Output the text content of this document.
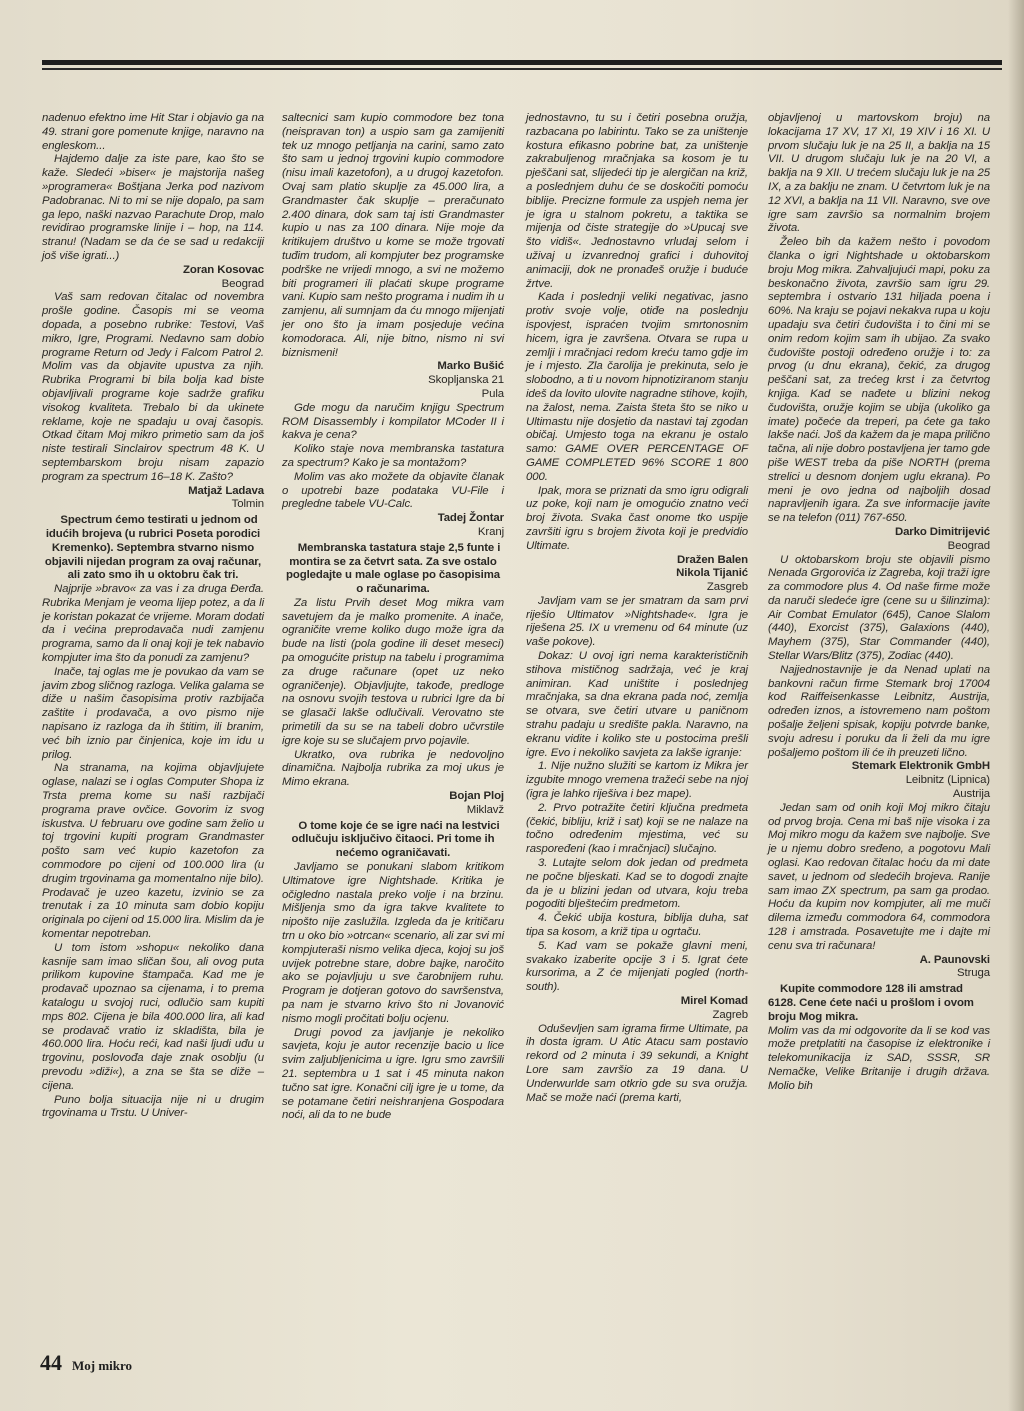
nadenuo efektno ime Hit Star i objavio ga na 49. strani gore pomenute knjige, naravno na engleskom...

Hajdemo dalje za iste pare, kao što se kaže. Sledeći »biser« je majstorija našeg »programera« Boštjana Jerka pod nazivom Padobranac. Ni to mi se nije dopalo, pa sam ga lepo, naški nazvao Parachute Drop, malo revidirao programske linije i – hop, na 114. stranu! (Nadam se da će se sad u redakciji još više igrati...)

Zoran Kosovac

Beograd

Vaš sam redovan čitalac od novembra prošle godine. Časopis mi se veoma dopada, a posebno rubrike: Testovi, Vaš mikro, Igre, Programi. Nedavno sam dobio programe Return od Jedy i Falcom Patrol 2. Molim vas da objavite upustva za njih. Rubrika Programi bi bila bolja kad biste objavljivali programe koje sadrže grafiku visokog kvaliteta. Trebalo bi da ukinete reklame, koje ne spadaju u ovaj časopis. Otkad čitam Moj mikro primetio sam da još niste testirali Sinclairov spectrum 48 K. U septembarskom broju nisam zapazio program za spectrum 16–18 K. Zašto?

Matjaž Ladava

Tolmin

Spectrum ćemo testirati u jednom od idućih brojeva (u rubrici Poseta porodici Kremenko). Septembra stvarno nismo objavili nijedan program za ovaj računar, ali zato smo ih u oktobru čak tri.

Najprije »bravo« za vas i za druga Đerđa. Rubrika Menjam je veoma lijep potez, a da li je koristan pokazat će vrijeme. Moram dodati da i većina preprodavača nudi zamjenu programa, samo da li onaj koji je tek nabavio kompjuter ima što da ponudi za zamjenu?

Inače, taj oglas me je povukao da vam se javim zbog sličnog razloga. Velika galama se diže u našim časopisima protiv razbijača zaštite i prodavača, a ovo pismo nije napisano iz razloga da ih štitim, ili branim, već bih iznio par činjenica, koje im idu u prilog.

Na stranama, na kojima objavljujete oglase, nalazi se i oglas Computer Shopa iz Trsta prema kome su naši razbijači programa prave ovčice. Govorim iz svog iskustva. U februaru ove godine sam želio u toj trgovini kupiti program Grandmaster pošto sam već kupio kazetofon za commodore po cijeni od 100.000 lira (u drugim trgovinama ga momentalno nije bilo). Prodavač je uzeo kazetu, izvinio se za trenutak i za 10 minuta sam dobio kopiju originala po cijeni od 15.000 lira. Mislim da je komentar nepotreban.

U tom istom »shopu« nekoliko dana kasnije sam imao sličan šou, ali ovog puta prilikom kupovine štampača. Kad me je prodavač upoznao sa cijenama, i to prema katalogu u svojoj ruci, odlučio sam kupiti mps 802. Cijena je bila 400.000 lira, ali kad se prodavač vratio iz skladišta, bila je 460.000 lira. Hoću reći, kad naši ljudi uđu u trgovinu, poslovođa daje znak osoblju (u prevodu »diži«), a zna se šta se diže – cijena.

Puno bolja situacija nije ni u drugim trgovinama u Trstu. U Univer-

saltecnici sam kupio commodore bez tona (neispravan ton) a uspio sam ga zamijeniti tek uz mnogo petljanja na carini, samo zato što sam u jednoj trgovini kupio commodore (nisu imali kazetofon), a u drugoj kazetofon. Ovaj sam platio skuplje za 45.000 lira, a Grandmaster čak skuplje – preračunato 2.400 dinara, dok sam taj isti Grandmaster kupio u nas za 100 dinara. Nije moje da kritikujem društvo u kome se može trgovati tuđim trudom, ali kompjuter bez programske podrške ne vrijedi mnogo, a svi ne možemo biti programeri ili plaćati skupe programe vani. Kupio sam nešto programa i nudim ih u zamjenu, ali sumnjam da ću mnogo mijenjati jer ono što ja imam posjeduje većina komodoraca. Ali, nije bitno, nismo ni svi biznismeni!

Marko Bušić

Skopljanska 21

Pula

Gde mogu da naručim knjigu Spectrum ROM Disassembly i kompilator MCoder II i kakva je cena?

Koliko staje nova membranska tastatura za spectrum? Kako je sa montažom?

Molim vas ako možete da objavite članak o upotrebi baze podataka VU-File i pregledne tabele VU-Calc.

Tadej Žontar

Kranj

Membranska tastatura staje 2,5 funte i montira se za četvrt sata. Za sve ostalo pogledajte u male oglase po časopisima o računarima.

Za listu Prvih deset Mog mikra vam savetujem da je malko promenite. A inače, ograničite vreme koliko dugo može igra da bude na listi (pola godine ili deset meseci) pa omogućite pristup na tabelu i programima za druge računare (opet uz neko ograničenje). Objavljujte, takođe, predloge na osnovu svojih testova u rubrici Igre da bi se glasači lakše odlučivali. Verovatno ste primetili da su se na tabeli dobro učvrstile igre koje su se slučajem prvo pojavile.

Ukratko, ova rubrika je nedovoljno dinamična. Najbolja rubrika za moj ukus je Mimo ekrana.

Bojan Ploj

Miklavž

O tome koje će se igre naći na lestvici odlučuju isključivo čitaoci. Pri tome ih nećemo ograničavati.

Javljamo se ponukani slabom kritikom Ultimatove igre Nightshade. Kritika je očigledno nastala preko volje i na brzinu. Mišljenja smo da igra takve kvalitete to nipošto nije zaslužila. Izgleda da je kritičaru trn u oko bio »otrcan« scenario, ali zar svi mi kompjuteraši nismo velika djeca, kojoj su još uvijek potrebne stare, dobre bajke, naročito ako se pojavljuju u sve čarobnijem ruhu. Program je dotjeran gotovo do savršenstva, pa nam je stvarno krivo što ni Jovanović nismo mogli pročitati bolju ocjenu.

Drugi povod za javljanje je nekoliko savjeta, koju je autor recenzije bacio u lice svim zaljubljenicima u igre. Igru smo završili 21. septembra u 1 sat i 45 minuta nakon tučno sat igre. Konačni cilj igre je u tome, da se potamane četiri neishranjena Gospodara noći, ali da to ne bude

jednostavno, tu su i četiri posebna oružja, razbacana po labirintu. Tako se za uništenje kostura efikasno pobrine bat, za uništenje zakrabuljenog mračnjaka sa kosom je tu pješčani sat, slijedeći tip je alergičan na križ, a poslednjem duhu će se doskočiti pomoću biblije. Precizne formule za uspjeh nema jer je igra u stalnom pokretu, a taktika se mijenja od čiste strategije do »Upucaj sve što vidiš«. Jednostavno vrludaj selom i uživaj u izvanrednoj grafici i duhovitoj animaciji, dok ne pronađeš oružje i buduće žrtve.

Kada i poslednji veliki negativac, jasno protiv svoje volje, otiđe na poslednju ispovjest, ispraćen tvojim smrtonosnim hicem, igra je završena. Otvara se rupa u zemlji i mračnjaci redom kreću tamo gdje im je i mjesto. Zla čarolija je prekinuta, selo je slobodno, a ti u novom hipnotiziranom stanju ideš da lovito ulovite nagradne stihove, kojih, na žalost, nema. Zaista šteta što se niko u Ultimastu nije dosjetio da nastavi taj zgodan običaj. Umjesto toga na ekranu je ostalo samo: GAME OVER PERCENTAGE OF GAME COMPLETED 96% SCORE 1 800 000.

Ipak, mora se priznati da smo igru odigrali uz poke, koji nam je omogućio znatno veći broj života. Svaka čast onome tko uspije završiti igru s brojem života koji je predvidio Ultimate.

Dražen Balen

Nikola Tijanić

Zasgreb

Javljam vam se jer smatram da sam prvi riješio Ultimatov »Nightshade«. Igra je riješena 25. IX u vremenu od 64 minute (uz vaše pokove).

Dokaz: U ovoj igri nema karakterističnih stihova mističnog sadržaja, već je kraj animiran. Kad uništite i poslednjeg mračnjaka, sa dna ekrana pada noć, zemlja se otvara, sve četiri utvare u paničnom strahu padaju u središte pakla. Naravno, na ekranu vidite i koliko ste u postocima prešli igre. Evo i nekoliko savjeta za lakše igranje:

1. Nije nužno služiti se kartom iz Mikra jer izgubite mnogo vremena tražeći sebe na njoj (igra je lahko riješiva i bez mape).

2. Prvo potražite četiri ključna predmeta (čekić, bibliju, križ i sat) koji se ne nalaze na točno određenim mjestima, već su raspoređeni (kao i mračnjaci) slučajno.

3. Lutajte selom dok jedan od predmeta ne počne bljeskati. Kad se to dogodi znajte da je u blizini jedan od utvara, koju treba pogoditi blještećim predmetom.

4. Čekić ubija kostura, biblija duha, sat tipa sa kosom, a križ tipa u ogrtaču.

5. Kad vam se pokaže glavni meni, svakako izaberite opcije 3 i 5. Igrat ćete kursorima, a Z će mijenjati pogled (north-south).

Mirel Komad

Zagreb

Oduševljen sam igrama firme Ultimate, pa ih dosta igram. U Atic Atacu sam postavio rekord od 2 minuta i 39 sekundi, a Knight Lore sam završio za 19 dana. U Underwurlde sam otkrio gde su sva oružja. Mač se može naći (prema karti,

objavljenoj u martovskom broju) na lokacijama 17 XV, 17 XI, 19 XIV i 16 XI. U prvom slučaju luk je na 25 II, a baklja na 15 VII. U drugom slučaju luk je na 20 VI, a baklja na 9 XII. U trećem slučaju luk je na 25 IX, a za baklju ne znam. U četvrtom luk je na 12 XVI, a baklja na 11 VII. Naravno, sve ove igre sam završio sa normalnim brojem života.

Želeo bih da kažem nešto i povodom članka o igri Nightshade u oktobarskom broju Mog mikra. Zahvaljujući mapi, poku za beskonačno života, završio sam igru 29. septembra i ostvario 131 hiljada poena i 60%. Na kraju se pojavi nekakva rupa u koju upadaju sva četiri čudovišta i to čini mi se onim redom kojim sam ih ubijao. Za svako čudovište postoji određeno oružje i to: za prvog (u dnu ekrana), čekić, za drugog peščani sat, za trećeg krst i za četvrtog knjiga. Kad se nađete u blizini nekog čudovišta, oružje kojim se ubija (ukoliko ga imate) počeće da treperi, pa ćete ga tako lakše naći. Još da kažem da je mapa prilično tačna, ali nije dobro postavljena jer tamo gde piše WEST treba da piše NORTH (prema strelici u desnom donjem uglu ekrana). Po meni je ovo jedna od najboljih dosad napravljenih igara. Za sve informacije javite se na telefon (011) 767-650.

Darko Dimitrijević

Beograd

U oktobarskom broju ste objavili pismo Nenada Grgorovića iz Zagreba, koji traži igre za commodore plus 4. Od naše firme može da naruči sledeće igre (cene su u šilinzima): Air Combat Emulator (645), Canoe Slalom (440), Exorcist (375), Galaxions (440), Mayhem (375), Star Commander (440), Stellar Wars/Blitz (375), Zodiac (440).

Najjednostavnije je da Nenad uplati na bankovni račun firme Stemark broj 17004 kod Raiffeisenkasse Leibnitz, Austrija, određen iznos, a istovremeno nam poštom pošalje željeni spisak, kopiju potvrde banke, svoju adresu i poruku da li želi da mu igre pošaljemo poštom ili će ih preuzeti lično.

Stemark Elektronik GmbH

Leibnitz (Lipnica)

Austrija

Jedan sam od onih koji Moj mikro čitaju od prvog broja. Cena mi baš nije visoka i za Moj mikro mogu da kažem sve najbolje. Sve je u njemu dobro sređeno, a pogotovu Mali oglasi. Kao redovan čitalac hoću da mi date savet, u jednom od sledećih brojeva. Ranije sam imao ZX spectrum, pa sam ga prodao. Hoću da kupim nov kompjuter, ali me muči dilema između commodora 64, commodora 128 i amstrada. Posavetujte me i dajte mi cenu sva tri računara!

A. Paunovski

Struga

Kupite commodore 128 ili amstrad 6128. Cene ćete naći u prošlom i ovom broju Mog mikra.

Molim vas da mi odgovorite da li se kod vas može pretplatiti na časopise iz elektronike i telekomunikacija iz SAD, SSSR, SR Nemačke, Velike Britanije i drugih država. Molio bih

44 Moj mikro
